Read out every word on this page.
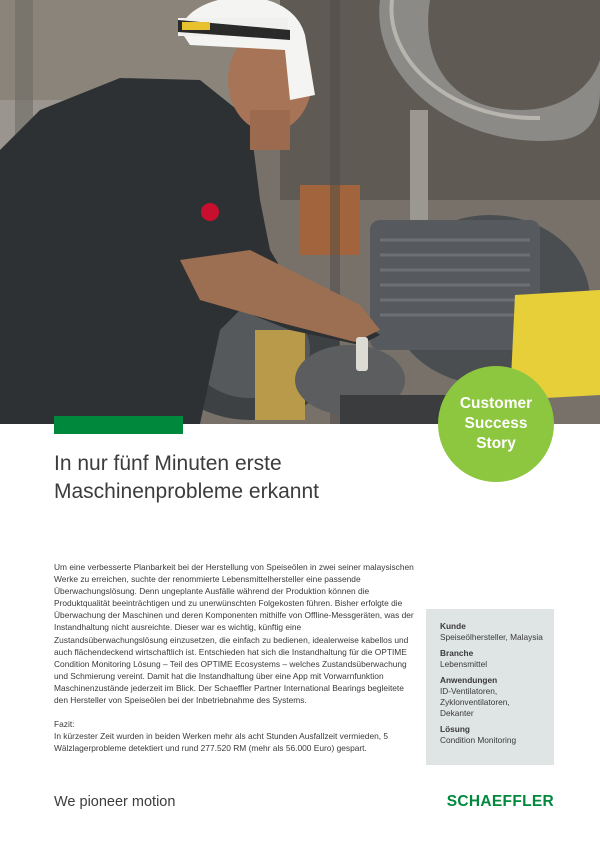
Customer
Success
Story
In nur fünf Minuten erste
Maschinenprobleme erkannt

Um eine verbesserte Planbarkeit bei der Herstellung von Speiseölen in zwei seiner malaysischen Werke zu erreichen, suchte der renommierte Lebensmittelhersteller eine passende Überwachungslösung. Denn ungeplante Ausfälle während der Produktion können die Produktqualität beeinträchtigen und zu unerwünschten Folgekosten führen. Bisher erfolgte die Überwachung der Maschinen und deren Komponenten mithilfe von Offline-Messgeräten, was der Instandhaltung nicht ausreichte. Dieser war es wichtig, künftig eine Zustandsüberwachungslösung einzusetzen, die einfach zu bedienen, idealerweise kabellos und auch flächendeckend wirtschaftlich ist. Entschieden hat sich die Instandhaltung für die OPTIME Condition Monitoring Lösung – Teil des OPTIME Ecosystems – welches Zustandsüberwachung und Schmierung vereint. Damit hat die Instandhaltung über eine App mit Vorwarnfunktion Maschinenzustände jederzeit im Blick. Der Schaeffler Partner International Bearings begleitete den Hersteller von Speiseölen bei der Inbetriebnahme des Systems.

Fazit:
In kürzester Zeit wurden in beiden Werken mehr als acht Stunden Ausfallzeit vermieden, 5 Wälzlagerprobleme detektiert und rund 277.520 RM (mehr als 56.000 Euro) gespart.

Kunde
Speiseölhersteller, Malaysia
Branche
Lebensmittel
Anwendungen
ID-Ventilatoren, Zyklonventilatoren, Dekanter
Lösung
Condition Monitoring
We pioneer motion	SCHAEFFLER
